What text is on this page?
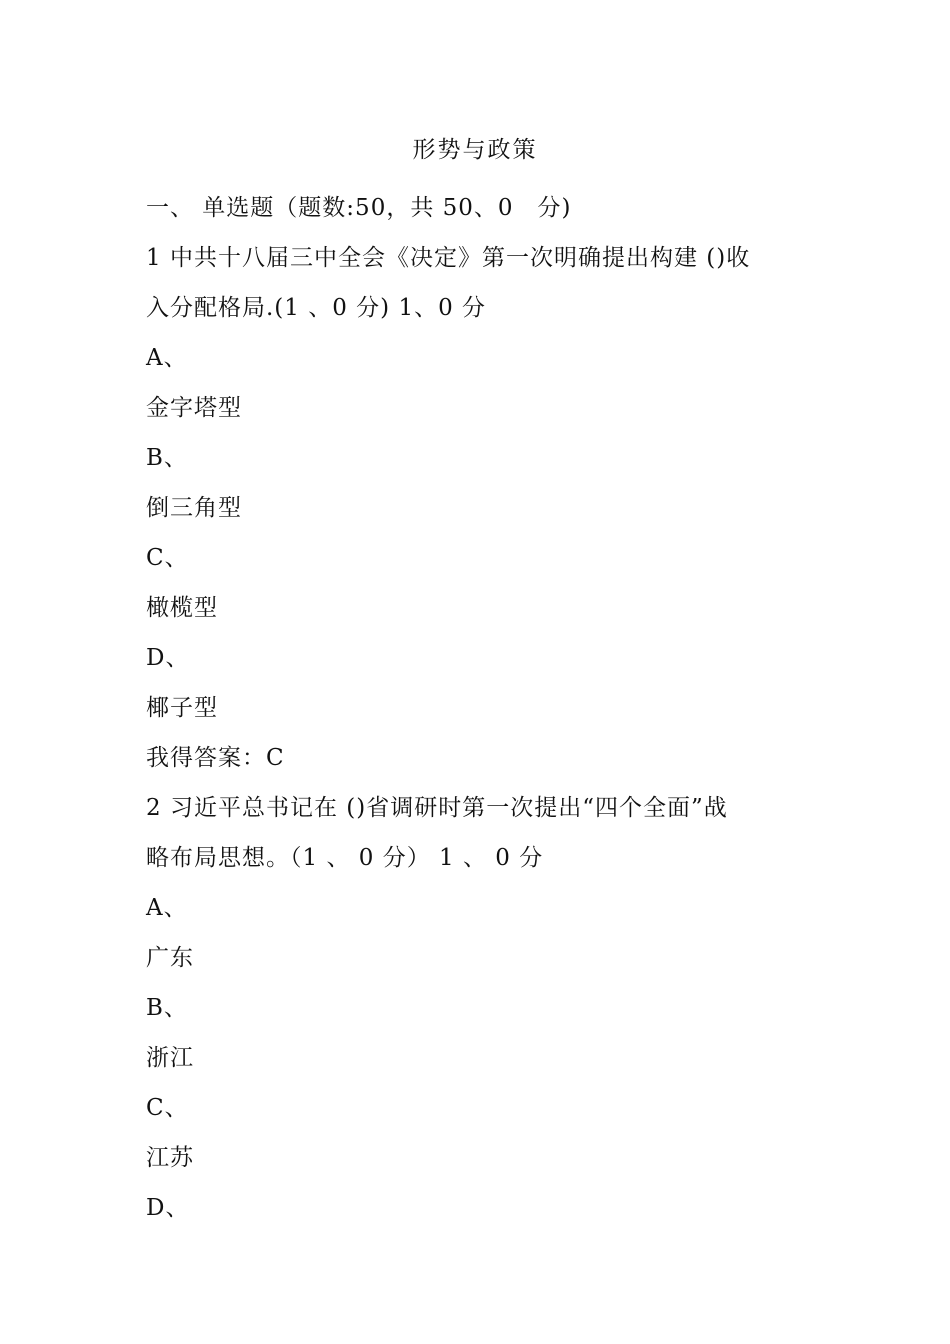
形势与政策
一、 单选题（题数:50，共 50、0　分)
1 中共十八届三中全会《决定》第一次明确提出构建 ()收
入分配格局.(1 、0 分) 1、0 分
A、
金字塔型
B、
倒三角型
C、
橄榄型
D、
椰子型
我得答案：C
2 习近平总书记在 ()省调研时第一次提出“四个全面”战
略布局思想。（1 、 0 分） 1 、 0 分
A、
广东
B、
浙江
C、
江苏
D、
